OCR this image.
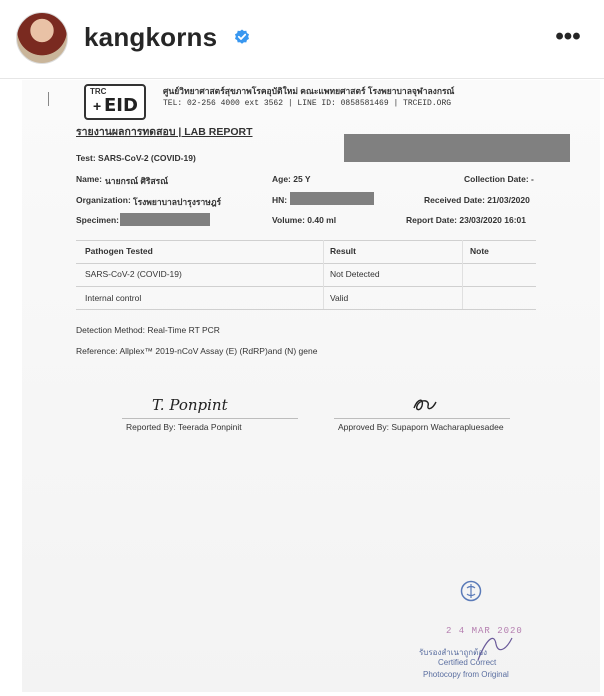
kangkorns	•••
TRC
+ EID
ศูนย์วิทยาศาสตร์สุขภาพโรคอุบัติใหม่ คณะแพทยศาสตร์ โรงพยาบาลจุฬาลงกรณ์
TEL: 02-256 4000 ext 3562 | LINE ID: 0858581469 | TRCEID.ORG
รายงานผลการทดสอบ | LAB REPORT
Test: SARS-CoV-2 (COVID-19)
Name: นายกรณ์ ศิริสรณ์	Age: 25 Y	Collection Date: -
Organization: โรงพยาบาลปารุงราษฎร์	HN:	Received Date: 21/03/2020
Specimen:	Volume: 0.40 ml	Report Date: 23/03/2020 16:01
Pathogen Tested	Result	Note
SARS-CoV-2 (COVID-19)	Not Detected
Internal control	Valid
Detection Method: Real-Time RT PCR
Reference: Allplex™ 2019-nCoV Assay (E) (RdRP)and (N) gene
T. Ponpint
Reported By: Teerada Ponpinit	Approved By: Supaporn Wacharapluesadee
2 4 MAR 2020
รับรองสำเนาถูกต้อง
Certified Correct
Photocopy from Original
